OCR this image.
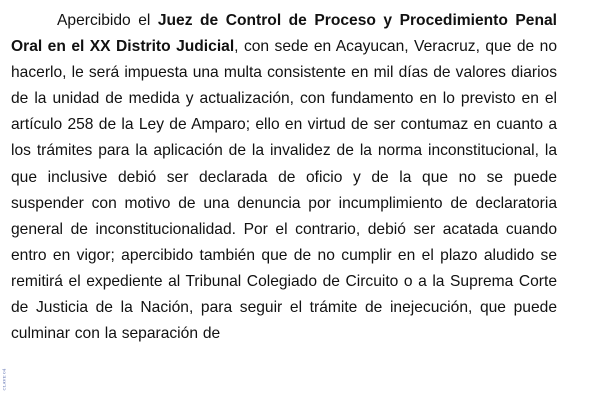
Apercibido el Juez de Control de Proceso y Procedimiento Penal Oral en el XX Distrito Judicial, con sede en Acayucan, Veracruz, que de no hacerlo, le será impuesta una multa consistente en mil días de valores diarios de la unidad de medida y actualización, con fundamento en lo previsto en el artículo 258 de la Ley de Amparo; ello en virtud de ser contumaz en cuanto a los trámites para la aplicación de la invalidez de la norma inconstitucional, la que inclusive debió ser declarada de oficio y de la que no se puede suspender con motivo de una denuncia por incumplimiento de declaratoria general de inconstitucionalidad. Por el contrario, debió ser acatada cuando entro en vigor; apercibido también que de no cumplir en el plazo aludido se remitirá el expediente al Tribunal Colegiado de Circuito o a la Suprema Corte de Justicia de la Nación, para seguir el trámite de inejecución, que puede culminar con la separación de

CLAVE 04
